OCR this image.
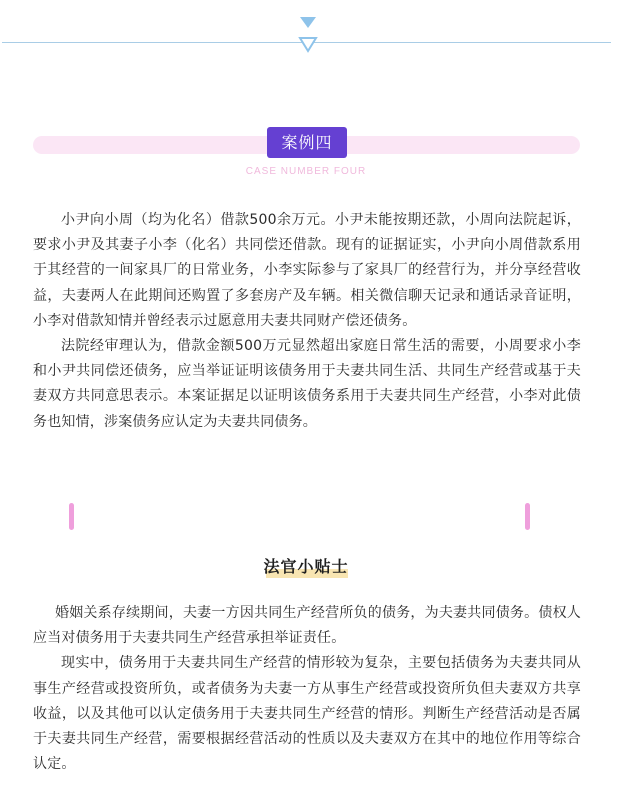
案例四
CASE NUMBER FOUR

小尹向小周（均为化名）借款500余万元。小尹未能按期还款，小周向法院起诉，要求小尹及其妻子小李（化名）共同偿还借款。现有的证据证实，小尹向小周借款系用于其经营的一间家具厂的日常业务，小李实际参与了家具厂的经营行为，并分享经营收益，夫妻两人在此期间还购置了多套房产及车辆。相关微信聊天记录和通话录音证明，小李对借款知情并曾经表示过愿意用夫妻共同财产偿还债务。

法院经审理认为，借款金额500万元显然超出家庭日常生活的需要，小周要求小李和小尹共同偿还债务，应当举证证明该债务用于夫妻共同生活、共同生产经营或基于夫妻双方共同意思表示。本案证据足以证明该债务系用于夫妻共同生产经营，小李对此债务也知情，涉案债务应认定为夫妻共同债务。

法官小贴士

婚姻关系存续期间，夫妻一方因共同生产经营所负的债务，为夫妻共同债务。债权人应当对债务用于夫妻共同生产经营承担举证责任。

现实中，债务用于夫妻共同生产经营的情形较为复杂，主要包括债务为夫妻共同从事生产经营或投资所负，或者债务为夫妻一方从事生产经营或投资所负但夫妻双方共享收益，以及其他可以认定债务用于夫妻共同生产经营的情形。判断生产经营活动是否属于夫妻共同生产经营，需要根据经营活动的性质以及夫妻双方在其中的地位作用等综合认定。
